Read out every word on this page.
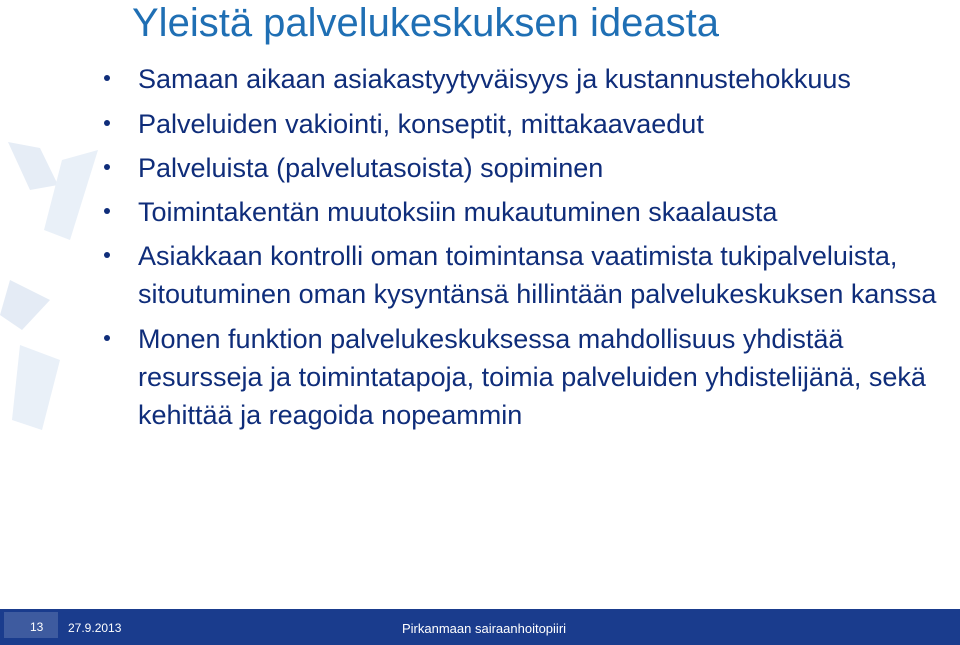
Yleistä palvelukeskuksen ideasta
Samaan aikaan asiakastyytyväisyys ja kustannustehokkuus
Palveluiden vakiointi, konseptit, mittakaavaedut
Palveluista (palvelutasoista) sopiminen
Toimintakentän muutoksiin mukautuminen skaalausta
Asiakkaan kontrolli oman toimintansa vaatimista tukipalveluista, sitoutuminen oman kysyntänsä hillintään palvelukeskuksen kanssa
Monen funktion palvelukeskuksessa mahdollisuus yhdistää resursseja ja toimintatapoja, toimia palveluiden yhdistelijänä, sekä kehittää ja reagoida nopeammin
13 27.9.2013	Pirkanmaan sairaanhoitopiiri
